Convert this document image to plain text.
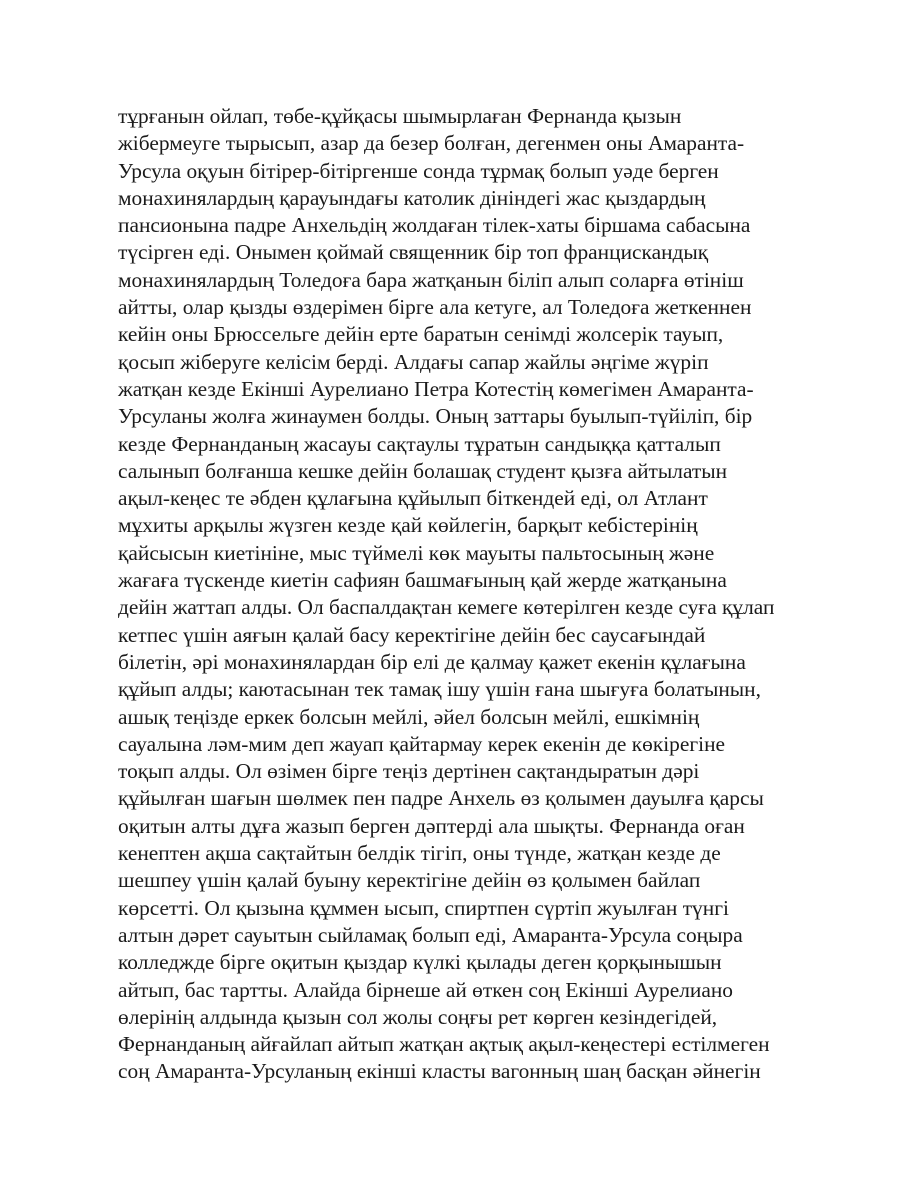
тұрғанын ойлап, төбе-құйқасы шымырлаған Фернанда қызын
жібермеуге тырысып, азар да безер болған, дегенмен оны Амаранта-
Урсула оқуын бітірер-бітіргенше сонда тұрмақ болып уәде берген
монахинялардың қарауындағы католик дініндегі жас қыздардың
пансионына падре Анхельдің жолдаған тілек-хаты біршама сабасына
түсірген еді. Онымен қоймай священник бір топ францискандық
монахинялардың Толедоға бара жатқанын біліп алып соларға өтініш
айтты, олар қызды өздерімен бірге ала кетуге, ал Толедоға жеткеннен
кейін оны Брюссельге дейін ерте баратын сенімді жолсерік тауып,
қосып жіберуге келісім берді. Алдағы сапар жайлы әңгіме жүріп
жатқан кезде Екінші Аурелиано Петра Котестің көмегімен Амаранта-
Урсуланы жолға жинаумен болды. Оның заттары буылып-түйіліп, бір
кезде Фернанданың жасауы сақтаулы тұратын сандыққа қатталып
салынып болғанша кешке дейін болашақ студент қызға айтылатын
ақыл-кеңес те әбден құлағына құйылып біткендей еді, ол Атлант
мұхиты арқылы жүзген кезде қай көйлегін, барқыт кебістерінің
қайсысын киетініне, мыс түймелі көк мауыты пальтосының және
жағаға түскенде киетін сафиян башмағының қай жерде жатқанына
дейін жаттап алды. Ол баспалдақтан кемеге көтерілген кезде суға құлап
кетпес үшін аяғын қалай басу керектігіне дейін бес саусағындай
білетін, әрі монахинялардан бір елі де қалмау қажет екенін құлағына
құйып алды; каютасынан тек тамақ ішу үшін ғана шығуға болатынын,
ашық теңізде еркек болсын мейлі, әйел болсын мейлі, ешкімнің
сауалына ләм-мим деп жауап қайтармау керек екенін де көкірегіне
тоқып алды. Ол өзімен бірге теңіз дертінен сақтандыратын дәрі
құйылған шағын шөлмек пен падре Анхель өз қолымен дауылға қарсы
оқитын алты дұға жазып берген дәптерді ала шықты. Фернанда оған
кенептен ақша сақтайтын белдік тігіп, оны түнде, жатқан кезде де
шешпеу үшін қалай буыну керектігіне дейін өз қолымен байлап
көрсетті. Ол қызына құммен ысып, спиртпен сүртіп жуылған түнгі
алтын дәрет сауытын сыйламақ болып еді, Амаранта-Урсула соңыра
колледжде бірге оқитын қыздар күлкі қылады деген қорқынышын
айтып, бас тартты. Алайда бірнеше ай өткен соң Екінші Аурелиано
өлерінің алдында қызын сол жолы соңғы рет көрген кезіндегідей,
Фернанданың айғайлап айтып жатқан ақтық ақыл-кеңестері естілмеген
соң Амаранта-Урсуланың екінші класты вагонның шаң басқан әйнегін
